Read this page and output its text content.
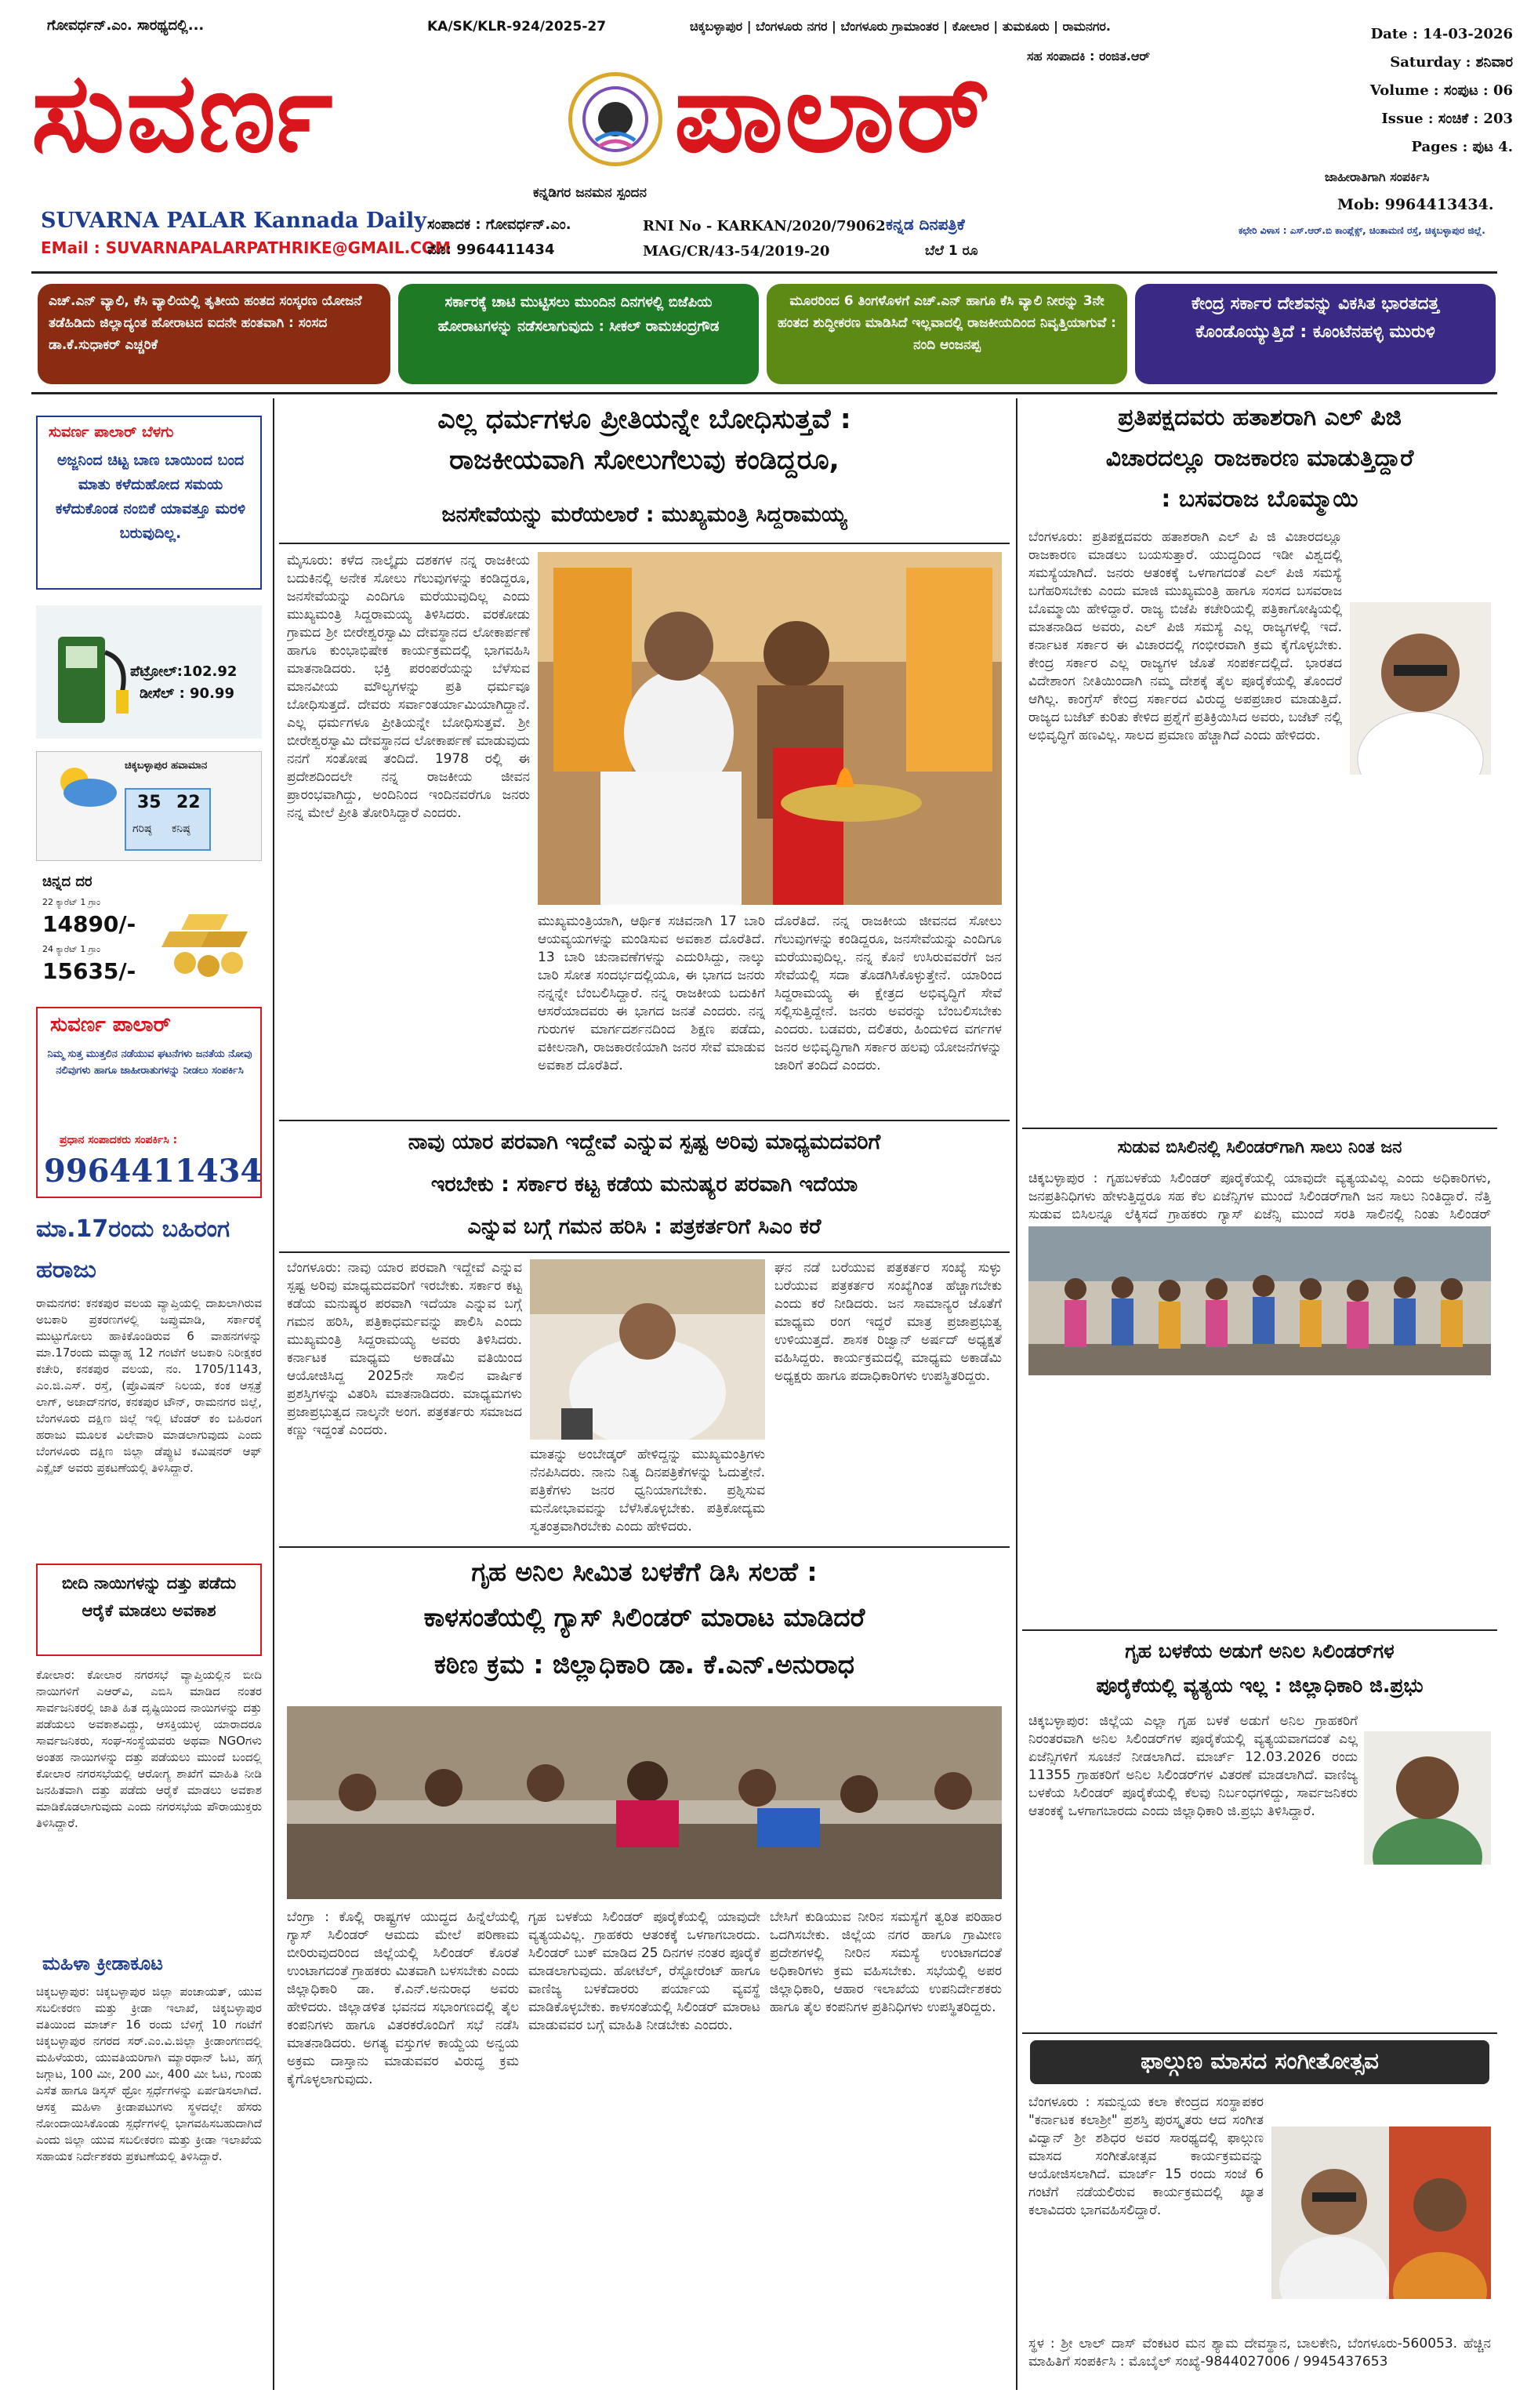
ಗೋವರ್ಧನ್.ಎಂ. ಸಾರಥ್ಯದಲ್ಲಿ...	KA/SK/KLR-924/2025-27	ಚಿಕ್ಕಬಳ್ಳಾಪುರ | ಬೆಂಗಳೂರು ನಗರ | ಬೆಂಗಳೂರು ಗ್ರಾಮಾಂತರ | ಕೋಲಾರ | ತುಮಕೂರು | ರಾಮನಗರ.
ಸಹ ಸಂಪಾದಕಿ : ರಂಜಿತ.ಆರ್
ಸುವರ್ಣ	ಪಾಲಾರ್
ಕನ್ನಡಿಗರ ಜನಮನ ಸ್ಪಂದನ
SUVARNA PALAR Kannada Daily
EMail : SUVARNAPALARPATHRIKE@GMAIL.COM
ಸಂಪಾದಕ : ಗೋವರ್ಧನ್.ಎಂ.
ಮೊ: 9964411434
RNI No - KARKAN/2020/79062
MAG/CR/43-54/2019-20
ಕನ್ನಡ ದಿನಪತ್ರಿಕೆ
ಬೆಲೆ 1 ರೂ
Date : 14-03-2026
Saturday : ಶನಿವಾರ
Volume : ಸಂಪುಟ : 06
Issue : ಸಂಚಿಕೆ : 203
Pages : ಪುಟ 4.
ಜಾಹೀರಾತಿಗಾಗಿ ಸಂಪರ್ಕಿಸಿ
Mob: 9964413434.
ಕಛೇರಿ ವಿಳಾಸ : ಎಸ್.ಆರ್.ಬಿ ಕಾಂಪ್ಲೆಕ್ಸ್, ಚಿಂತಾಮಣಿ ರಸ್ತೆ, ಚಿಕ್ಕಬಳ್ಳಾಪುರ ಜಿಲ್ಲೆ.
ಎಚ್.ಎನ್ ವ್ಯಾಲಿ, ಕೆಸಿ ವ್ಯಾಲಿಯಲ್ಲಿ ತೃತೀಯ ಹಂತದ ಸಂಸ್ಕರಣ ಯೋಜನೆ ತಡೆಹಿಡಿದು ಜಿಲ್ಲಾದ್ಯಂತ ಹೋರಾಟದ ಐದನೇ ಹಂತವಾಗಿ : ಸಂಸದ ಡಾ.ಕೆ.ಸುಧಾಕರ್ ಎಚ್ಚರಿಕೆ
ಸರ್ಕಾರಕ್ಕೆ ಚಾಟಿ ಮುಟ್ಟಿಸಲು ಮುಂದಿನ ದಿನಗಳಲ್ಲಿ ಬಿಜೆಪಿಯ ಹೋರಾಟಗಳನ್ನು ನಡೆಸಲಾಗುವುದು : ಸೀಕಲ್ ರಾಮಚಂದ್ರಗೌಡ
ಮೂರರಿಂದ 6 ತಿಂಗಳೊಳಗೆ ಎಚ್.ಎನ್ ಹಾಗೂ ಕೆಸಿ ವ್ಯಾಲಿ ನೀರನ್ನು 3ನೇ ಹಂತದ ಶುದ್ಧೀಕರಣ ಮಾಡಿಸಿದೆ ಇಲ್ಲವಾದಲ್ಲಿ ರಾಜಕೀಯದಿಂದ ನಿವೃತ್ತಿಯಾಗುವೆ : ನಂದಿ ಆಂಜನಪ್ಪ
ಕೇಂದ್ರ ಸರ್ಕಾರ ದೇಶವನ್ನು ವಿಕಸಿತ ಭಾರತದತ್ತ ಕೊಂಡೊಯ್ಯುತ್ತಿದೆ : ಕೂಂಟೆನಹಳ್ಳಿ ಮುರುಳಿ
ಸುವರ್ಣ ಪಾಲಾರ್ ಬೆಳಗು
ಅಜ್ಜನಿಂದ ಚಿಟ್ಟ ಬಾಣ ಬಾಯಿಂದ ಬಂದ ಮಾತು ಕಳೆದುಹೋದ ಸಮಯ ಕಳೆದುಕೊಂಡ ನಂಬಿಕೆ ಯಾವತ್ತೂ ಮರಳಿ ಬರುವುದಿಲ್ಲ.
ಪೆಟ್ರೋಲ್:102.92
ಡೀಸೆಲ್ : 90.99
ಚಿಕ್ಕಬಳ್ಳಾಪುರ ಹವಾಮಾನ
35 22
ಗರಿಷ್ಠ ಕನಿಷ್ಠ
ಚಿನ್ನದ ದರ
22 ಕ್ಯಾರೆಟ್ 1 ಗ್ರಾಂ
14890/-
24 ಕ್ಯಾರೆಟ್ 1 ಗ್ರಾಂ
15635/-
ಸುವರ್ಣ ಪಾಲಾರ್
ನಿಮ್ಮ ಸುತ್ತ ಮುತ್ತಲಿನ ನಡೆಯುವ ಘಟನೆಗಳು ಜನತೆಯ ನೋವು ನಲಿವುಗಳು ಹಾಗೂ ಜಾಹೀರಾತುಗಳನ್ನು ನೀಡಲು ಸಂಪರ್ಕಿಸಿ
ಪ್ರಧಾನ ಸಂಪಾದಕರು ಸಂಪರ್ಕಿಸಿ :
9964411434
ಮಾ.17ರಂದು ಬಹಿರಂಗ ಹರಾಜು
ರಾಮನಗರ: ಕನಕಪುರ ವಲಯ ವ್ಯಾಪ್ತಿಯಲ್ಲಿ ದಾಖಲಾಗಿರುವ ಅಬಕಾರಿ ಪ್ರಕರಣಗಳಲ್ಲಿ ಜಪ್ತುಮಾಡಿ, ಸರ್ಕಾರಕ್ಕೆ ಮುಟ್ಟುಗೋಲು ಹಾಕಿಕೊಂಡಿರುವ 6 ವಾಹನಗಳನ್ನು ಮಾ.17ರಂದು ಮಧ್ಯಾಹ್ನ 12 ಗಂಟೆಗೆ ಅಬಕಾರಿ ನಿರೀಕ್ಷಕರ ಕಚೇರಿ, ಕನಕಪುರ ವಲಯ, ನಂ. 1705/1143, ಎಂ.ಜಿ.ಎಸ್. ರಸ್ತೆ, (ಪ್ರೊವಿಷನ್ ನಿಲಯ, ಕಂಕ ಆಸ್ಪತ್ರೆ ಲಾಗ್, ಅಜಾದ್‌ನಗರ, ಕನಕಪುರ ಟೌನ್, ರಾಮನಗರ ಜಿಲ್ಲೆ, ಬೆಂಗಳೂರು ದಕ್ಷಿಣ ಜಿಲ್ಲೆ ಇಲ್ಲಿ ಟೆಂಡರ್ ಕಂ ಬಹಿರಂಗ ಹರಾಜು ಮೂಲಕ ವಿಲೇವಾರಿ ಮಾಡಲಾಗುವುದು ಎಂದು ಬೆಂಗಳೂರು ದಕ್ಷಿಣ ಜಿಲ್ಲಾ ಡೆಪ್ಯುಟಿ ಕಮಿಷನರ್ ಆಫ್ ಎಕ್ಸೈಜ್ ಅವರು ಪ್ರಕಟಣೆಯಲ್ಲಿ ತಿಳಿಸಿದ್ದಾರೆ.
ಬೀದಿ ನಾಯಿಗಳನ್ನು ದತ್ತು ಪಡೆದು ಆರೈಕೆ ಮಾಡಲು ಅವಕಾಶ
ಕೋಲಾರ: ಕೋಲಾರ ನಗರಸಭೆ ವ್ಯಾಪ್ತಿಯಲ್ಲಿನ ಬೀದಿ ನಾಯಿಗಳಿಗೆ ಎಆರ್‌ವಿ, ಎಬಿಸಿ ಮಾಡಿದ ನಂತರ ಸಾರ್ವಜನಿಕರಲ್ಲಿ ಜಾತಿ ಹಿತ ದೃಷ್ಟಿಯಿಂದ ನಾಯಿಗಳನ್ನು ದತ್ತು ಪಡೆಯಲು ಅವಕಾಶವಿದ್ದು, ಆಸಕ್ತಿಯುಳ್ಳ ಯಾರಾದರೂ ಸಾರ್ವಜನಿಕರು, ಸಂಘ-ಸಂಸ್ಥೆಯವರು ಅಥವಾ NGOಗಳು ಅಂತಹ ನಾಯಿಗಳನ್ನು ದತ್ತು ಪಡೆಯಲು ಮುಂದೆ ಬಂದಲ್ಲಿ ಕೋಲಾರ ನಗರಸಭೆಯಲ್ಲಿ ಆರೋಗ್ಯ ಶಾಖೆಗೆ ಮಾಹಿತಿ ನೀಡಿ ಜನಹಿತವಾಗಿ ದತ್ತು ಪಡೆದು ಆರೈಕೆ ಮಾಡಲು ಅವಕಾಶ ಮಾಡಿಕೊಡಲಾಗುವುದು ಎಂದು ನಗರಸಭೆಯ ಪೌರಾಯುಕ್ತರು ತಿಳಿಸಿದ್ದಾರೆ.
ಮಹಿಳಾ ಕ್ರೀಡಾಕೂಟ
ಚಿಕ್ಕಬಳ್ಳಾಪುರ: ಚಿಕ್ಕಬಳ್ಳಾಪುರ ಜಿಲ್ಲಾ ಪಂಚಾಯತ್, ಯುವ ಸಬಲೀಕರಣ ಮತ್ತು ಕ್ರೀಡಾ ಇಲಾಖೆ, ಚಿಕ್ಕಬಳ್ಳಾಪುರ ವತಿಯಿಂದ ಮಾರ್ಚ್ 16 ರಂದು ಬೆಳಿಗ್ಗೆ 10 ಗಂಟೆಗೆ ಚಿಕ್ಕಬಳ್ಳಾಪುರ ನಗರದ ಸರ್.ಎಂ.ವಿ.ಜಿಲ್ಲಾ ಕ್ರೀಡಾಂಗಣದಲ್ಲಿ ಮಹಿಳೆಯರು, ಯುವತಿಯರಿಗಾಗಿ ಮ್ಯಾರಥಾನ್ ಓಟ, ಹಗ್ಗ ಜಗ್ಗಾಟ, 100 ಮೀ, 200 ಮೀ, 400 ಮೀ ಓಟ, ಗುಂಡು ಎಸೆತ ಹಾಗೂ ಡಿಸ್ಕಸ್ ಥ್ರೋ ಸ್ಪರ್ಧೆಗಳನ್ನು ಏರ್ಪಡಿಸಲಾಗಿದೆ. ಆಸಕ್ತ ಮಹಿಳಾ ಕ್ರೀಡಾಪಟುಗಳು ಸ್ಥಳದಲ್ಲೇ ಹೆಸರು ನೋಂದಾಯಿಸಿಕೊಂಡು ಸ್ಪರ್ಧೆಗಳಲ್ಲಿ ಭಾಗವಹಿಸಬಹುದಾಗಿದೆ ಎಂದು ಜಿಲ್ಲಾ ಯುವ ಸಬಲೀಕರಣ ಮತ್ತು ಕ್ರೀಡಾ ಇಲಾಖೆಯ ಸಹಾಯಕ ನಿರ್ದೇಶಕರು ಪ್ರಕಟಣೆಯಲ್ಲಿ ತಿಳಿಸಿದ್ದಾರೆ.
ಎಲ್ಲ ಧರ್ಮಗಳೂ ಪ್ರೀತಿಯನ್ನೇ ಬೋಧಿಸುತ್ತವೆ :
ರಾಜಕೀಯವಾಗಿ ಸೋಲುಗೆಲುವು ಕಂಡಿದ್ದರೂ,
ಜನಸೇವೆಯನ್ನು ಮರೆಯಲಾರೆ : ಮುಖ್ಯಮಂತ್ರಿ ಸಿದ್ದರಾಮಯ್ಯ
ಮೈಸೂರು: ಕಳೆದ ನಾಲ್ಕೈದು ದಶಕಗಳ ನನ್ನ ರಾಜಕೀಯ ಬದುಕಿನಲ್ಲಿ ಅನೇಕ ಸೋಲು ಗೆಲುವುಗಳನ್ನು ಕಂಡಿದ್ದರೂ, ಜನಸೇವೆಯನ್ನು ಎಂದಿಗೂ ಮರೆಯುವುದಿಲ್ಲ ಎಂದು ಮುಖ್ಯಮಂತ್ರಿ ಸಿದ್ದರಾಮಯ್ಯ ತಿಳಿಸಿದರು. ವರಕೋಡು ಗ್ರಾಮದ ಶ್ರೀ ಬೀರೇಶ್ವರಸ್ವಾಮಿ ದೇವಸ್ಥಾನದ ಲೋಕಾರ್ಪಣೆ ಹಾಗೂ ಕುಂಭಾಭಿಷೇಕ ಕಾರ್ಯಕ್ರಮದಲ್ಲಿ ಭಾಗವಹಿಸಿ ಮಾತನಾಡಿದರು. ಭಕ್ತಿ ಪರಂಪರೆಯನ್ನು ಬೆಳೆಸುವ ಮಾನವೀಯ ಮೌಲ್ಯಗಳನ್ನು ಪ್ರತಿ ಧರ್ಮವೂ ಬೋಧಿಸುತ್ತದೆ. ದೇವರು ಸರ್ವಾಂತರ್ಯಾಮಿಯಾಗಿದ್ದಾನೆ. ಎಲ್ಲ ಧರ್ಮಗಳೂ ಪ್ರೀತಿಯನ್ನೇ ಬೋಧಿಸುತ್ತವೆ. ಶ್ರೀ ಬೀರೇಶ್ವರಸ್ವಾಮಿ ದೇವಸ್ಥಾನದ ಲೋಕಾರ್ಪಣೆ ಮಾಡುವುದು ನನಗೆ ಸಂತೋಷ ತಂದಿದೆ. 1978 ರಲ್ಲಿ ಈ ಪ್ರದೇಶದಿಂದಲೇ ನನ್ನ ರಾಜಕೀಯ ಜೀವನ ಪ್ರಾರಂಭವಾಗಿದ್ದು, ಅಂದಿನಿಂದ ಇಂದಿನವರೆಗೂ ಜನರು ನನ್ನ ಮೇಲೆ ಪ್ರೀತಿ ತೋರಿಸಿದ್ದಾರೆ ಎಂದರು.
ಮುಖ್ಯಮಂತ್ರಿಯಾಗಿ, ಆರ್ಥಿಕ ಸಚಿವನಾಗಿ 17 ಬಾರಿ ಆಯವ್ಯಯಗಳನ್ನು ಮಂಡಿಸುವ ಅವಕಾಶ ದೊರೆತಿದೆ. 13 ಬಾರಿ ಚುನಾವಣೆಗಳನ್ನು ಎದುರಿಸಿದ್ದು, ನಾಲ್ಕು ಬಾರಿ ಸೋತ ಸಂದರ್ಭದಲ್ಲಿಯೂ, ಈ ಭಾಗದ ಜನರು ನನ್ನನ್ನೇ ಬೆಂಬಲಿಸಿದ್ದಾರೆ. ನನ್ನ ರಾಜಕೀಯ ಬದುಕಿಗೆ ಆಸರೆಯಾದವರು ಈ ಭಾಗದ ಜನತೆ ಎಂದರು. ನನ್ನ ಗುರುಗಳ ಮಾರ್ಗದರ್ಶನದಿಂದ ಶಿಕ್ಷಣ ಪಡೆದು, ವಕೀಲನಾಗಿ, ರಾಜಕಾರಣಿಯಾಗಿ ಜನರ ಸೇವೆ ಮಾಡುವ ಅವಕಾಶ ದೊರೆತಿದೆ.
ದೊರೆತಿದೆ. ನನ್ನ ರಾಜಕೀಯ ಜೀವನದ ಸೋಲು ಗೆಲುವುಗಳನ್ನು ಕಂಡಿದ್ದರೂ, ಜನಸೇವೆಯನ್ನು ಎಂದಿಗೂ ಮರೆಯುವುದಿಲ್ಲ. ನನ್ನ ಕೊನೆ ಉಸಿರುವವರೆಗೆ ಜನ ಸೇವೆಯಲ್ಲಿ ಸದಾ ತೊಡಗಿಸಿಕೊಳ್ಳುತ್ತೇನೆ. ಯಾರಿಂದ ಸಿದ್ದರಾಮಯ್ಯ ಈ ಕ್ಷೇತ್ರದ ಅಭಿವೃದ್ಧಿಗೆ ಸೇವೆ ಸಲ್ಲಿಸುತ್ತಿದ್ದೇನೆ. ಜನರು ಅವರನ್ನು ಬೆಂಬಲಿಸಬೇಕು ಎಂದರು. ಬಡವರು, ದಲಿತರು, ಹಿಂದುಳಿದ ವರ್ಗಗಳ ಜನರ ಅಭಿವೃದ್ಧಿಗಾಗಿ ಸರ್ಕಾರ ಹಲವು ಯೋಜನೆಗಳನ್ನು ಜಾರಿಗೆ ತಂದಿದೆ ಎಂದರು.
ನಾವು ಯಾರ ಪರವಾಗಿ ಇದ್ದೇವೆ ಎನ್ನುವ ಸ್ಪಷ್ಟ ಅರಿವು ಮಾಧ್ಯಮದವರಿಗೆ
ಇರಬೇಕು : ಸರ್ಕಾರ ಕಟ್ಟ ಕಡೆಯ ಮನುಷ್ಯರ ಪರವಾಗಿ ಇದೆಯಾ
ಎನ್ನುವ ಬಗ್ಗೆ ಗಮನ ಹರಿಸಿ : ಪತ್ರಕರ್ತರಿಗೆ ಸಿಎಂ ಕರೆ
ಬೆಂಗಳೂರು: ನಾವು ಯಾರ ಪರವಾಗಿ ಇದ್ದೇವೆ ಎನ್ನುವ ಸ್ಪಷ್ಟ ಅರಿವು ಮಾಧ್ಯಮದವರಿಗೆ ಇರಬೇಕು. ಸರ್ಕಾರ ಕಟ್ಟ ಕಡೆಯ ಮನುಷ್ಯರ ಪರವಾಗಿ ಇದೆಯಾ ಎನ್ನುವ ಬಗ್ಗೆ ಗಮನ ಹರಿಸಿ, ಪತ್ರಿಕಾಧರ್ಮವನ್ನು ಪಾಲಿಸಿ ಎಂದು ಮುಖ್ಯಮಂತ್ರಿ ಸಿದ್ದರಾಮಯ್ಯ ಅವರು ತಿಳಿಸಿದರು. ಕರ್ನಾಟಕ ಮಾಧ್ಯಮ ಅಕಾಡೆಮಿ ವತಿಯಿಂದ ಆಯೋಜಿಸಿದ್ದ 2025ನೇ ಸಾಲಿನ ವಾರ್ಷಿಕ ಪ್ರಶಸ್ತಿಗಳನ್ನು ವಿತರಿಸಿ ಮಾತನಾಡಿದರು. ಮಾಧ್ಯಮಗಳು ಪ್ರಜಾಪ್ರಭುತ್ವದ ನಾಲ್ಕನೇ ಅಂಗ. ಪತ್ರಕರ್ತರು ಸಮಾಜದ ಕಣ್ಣು ಇದ್ದಂತೆ ಎಂದರು.
ಮಾತನ್ನು ಅಂಬೇಡ್ಕರ್ ಹೇಳಿದ್ದನ್ನು ಮುಖ್ಯಮಂತ್ರಿಗಳು ನೆನಪಿಸಿದರು. ನಾನು ನಿತ್ಯ ದಿನಪತ್ರಿಕೆಗಳನ್ನು ಓದುತ್ತೇನೆ. ಪತ್ರಿಕೆಗಳು ಜನರ ಧ್ವನಿಯಾಗಬೇಕು. ಪ್ರಶ್ನಿಸುವ ಮನೋಭಾವವನ್ನು ಬೆಳೆಸಿಕೊಳ್ಳಬೇಕು. ಪತ್ರಿಕೋದ್ಯಮ ಸ್ವತಂತ್ರವಾಗಿರಬೇಕು ಎಂದು ಹೇಳಿದರು.
ಘನ ನಡೆ ಬರೆಯುವ ಪತ್ರಕರ್ತರ ಸಂಖ್ಯೆ ಸುಳ್ಳು ಬರೆಯುವ ಪತ್ರಕರ್ತರ ಸಂಖ್ಯೆಗಿಂತ ಹೆಚ್ಚಾಗಬೇಕು ಎಂದು ಕರೆ ನೀಡಿದರು. ಜನ ಸಾಮಾನ್ಯರ ಜೊತೆಗೆ ಮಾಧ್ಯಮ ರಂಗ ಇದ್ದರೆ ಮಾತ್ರ ಪ್ರಜಾಪ್ರಭುತ್ವ ಉಳಿಯುತ್ತದೆ. ಶಾಸಕ ರಿಜ್ವಾನ್ ಅರ್ಷದ್ ಅಧ್ಯಕ್ಷತೆ ವಹಿಸಿದ್ದರು. ಕಾರ್ಯಕ್ರಮದಲ್ಲಿ ಮಾಧ್ಯಮ ಅಕಾಡೆಮಿ ಅಧ್ಯಕ್ಷರು ಹಾಗೂ ಪದಾಧಿಕಾರಿಗಳು ಉಪಸ್ಥಿತರಿದ್ದರು.
ಗೃಹ ಅನಿಲ ಸೀಮಿತ ಬಳಕೆಗೆ ಡಿಸಿ ಸಲಹೆ :
ಕಾಳಸಂತೆಯಲ್ಲಿ ಗ್ಯಾಸ್ ಸಿಲಿಂಡರ್ ಮಾರಾಟ ಮಾಡಿದರೆ
ಕಠಿಣ ಕ್ರಮ : ಜಿಲ್ಲಾಧಿಕಾರಿ ಡಾ. ಕೆ.ಎನ್.ಅನುರಾಧ
ಬೆಂಗ್ರಾ : ಕೊಲ್ಲಿ ರಾಷ್ಟ್ರಗಳ ಯುದ್ಧದ ಹಿನ್ನೆಲೆಯಲ್ಲಿ ಗ್ಯಾಸ್ ಸಿಲಿಂಡರ್ ಆಮದು ಮೇಲೆ ಪರಿಣಾಮ ಬೀರಿರುವುದರಿಂದ ಜಿಲ್ಲೆಯಲ್ಲಿ ಸಿಲಿಂಡರ್ ಕೊರತೆ ಉಂಟಾಗದಂತೆ ಗ್ರಾಹಕರು ಮಿತವಾಗಿ ಬಳಸಬೇಕು ಎಂದು ಜಿಲ್ಲಾಧಿಕಾರಿ ಡಾ. ಕೆ.ಎನ್.ಅನುರಾಧ ಅವರು ಹೇಳಿದರು. ಜಿಲ್ಲಾಡಳಿತ ಭವನದ ಸಭಾಂಗಣದಲ್ಲಿ ತೈಲ ಕಂಪನಿಗಳು ಹಾಗೂ ವಿತರಕರೊಂದಿಗೆ ಸಭೆ ನಡೆಸಿ ಮಾತನಾಡಿದರು. ಅಗತ್ಯ ವಸ್ತುಗಳ ಕಾಯ್ದೆಯ ಅನ್ವಯ ಅಕ್ರಮ ದಾಸ್ತಾನು ಮಾಡುವವರ ವಿರುದ್ಧ ಕ್ರಮ ಕೈಗೊಳ್ಳಲಾಗುವುದು.
ಗೃಹ ಬಳಕೆಯ ಸಿಲಿಂಡರ್ ಪೂರೈಕೆಯಲ್ಲಿ ಯಾವುದೇ ವ್ಯತ್ಯಯವಿಲ್ಲ. ಗ್ರಾಹಕರು ಆತಂಕಕ್ಕೆ ಒಳಗಾಗಬಾರದು. ಸಿಲಿಂಡರ್ ಬುಕ್ ಮಾಡಿದ 25 ದಿನಗಳ ನಂತರ ಪೂರೈಕೆ ಮಾಡಲಾಗುವುದು. ಹೋಟೆಲ್, ರೆಸ್ಟೋರೆಂಟ್ ಹಾಗೂ ವಾಣಿಜ್ಯ ಬಳಕೆದಾರರು ಪರ್ಯಾಯ ವ್ಯವಸ್ಥೆ ಮಾಡಿಕೊಳ್ಳಬೇಕು. ಕಾಳಸಂತೆಯಲ್ಲಿ ಸಿಲಿಂಡರ್ ಮಾರಾಟ ಮಾಡುವವರ ಬಗ್ಗೆ ಮಾಹಿತಿ ನೀಡಬೇಕು ಎಂದರು.
ಬೇಸಿಗೆ ಕುಡಿಯುವ ನೀರಿನ ಸಮಸ್ಯೆಗೆ ತ್ವರಿತ ಪರಿಹಾರ ಒದಗಿಸಬೇಕು. ಜಿಲ್ಲೆಯ ನಗರ ಹಾಗೂ ಗ್ರಾಮೀಣ ಪ್ರದೇಶಗಳಲ್ಲಿ ನೀರಿನ ಸಮಸ್ಯೆ ಉಂಟಾಗದಂತೆ ಅಧಿಕಾರಿಗಳು ಕ್ರಮ ವಹಿಸಬೇಕು. ಸಭೆಯಲ್ಲಿ ಅಪರ ಜಿಲ್ಲಾಧಿಕಾರಿ, ಆಹಾರ ಇಲಾಖೆಯ ಉಪನಿರ್ದೇಶಕರು ಹಾಗೂ ತೈಲ ಕಂಪನಿಗಳ ಪ್ರತಿನಿಧಿಗಳು ಉಪಸ್ಥಿತರಿದ್ದರು.
ಪ್ರತಿಪಕ್ಷದವರು ಹತಾಶರಾಗಿ ಎಲ್ ಪಿಜಿ
ವಿಚಾರದಲ್ಲೂ ರಾಜಕಾರಣ ಮಾಡುತ್ತಿದ್ದಾರೆ
: ಬಸವರಾಜ ಬೊಮ್ಮಾಯಿ
ಬೆಂಗಳೂರು: ಪ್ರತಿಪಕ್ಷದವರು ಹತಾಶರಾಗಿ ಎಲ್ ಪಿ ಜಿ ವಿಚಾರದಲ್ಲೂ ರಾಜಕಾರಣ ಮಾಡಲು ಬಯಸುತ್ತಾರೆ. ಯುದ್ಧದಿಂದ ಇಡೀ ವಿಶ್ವದಲ್ಲಿ ಸಮಸ್ಯೆಯಾಗಿದೆ. ಜನರು ಆತಂಕಕ್ಕೆ ಒಳಗಾಗದಂತೆ ಎಲ್ ಪಿಜಿ ಸಮಸ್ಯೆ ಬಗೆಹರಿಸಬೇಕು ಎಂದು ಮಾಜಿ ಮುಖ್ಯಮಂತ್ರಿ ಹಾಗೂ ಸಂಸದ ಬಸವರಾಜ ಬೊಮ್ಮಾಯಿ ಹೇಳಿದ್ದಾರೆ. ರಾಜ್ಯ ಬಿಜೆಪಿ ಕಚೇರಿಯಲ್ಲಿ ಪತ್ರಿಕಾಗೋಷ್ಠಿಯಲ್ಲಿ ಮಾತನಾಡಿದ ಅವರು, ಎಲ್ ಪಿಜಿ ಸಮಸ್ಯೆ ಎಲ್ಲ ರಾಜ್ಯಗಳಲ್ಲಿ ಇದೆ. ಕರ್ನಾಟಕ ಸರ್ಕಾರ ಈ ವಿಚಾರದಲ್ಲಿ ಗಂಭೀರವಾಗಿ ಕ್ರಮ ಕೈಗೊಳ್ಳಬೇಕು. ಕೇಂದ್ರ ಸರ್ಕಾರ ಎಲ್ಲ ರಾಜ್ಯಗಳ ಜೊತೆ ಸಂಪರ್ಕದಲ್ಲಿದೆ. ಭಾರತದ ವಿದೇಶಾಂಗ ನೀತಿಯಿಂದಾಗಿ ನಮ್ಮ ದೇಶಕ್ಕೆ ತೈಲ ಪೂರೈಕೆಯಲ್ಲಿ ತೊಂದರೆ ಆಗಿಲ್ಲ. ಕಾಂಗ್ರೆಸ್ ಕೇಂದ್ರ ಸರ್ಕಾರದ ವಿರುದ್ಧ ಅಪಪ್ರಚಾರ ಮಾಡುತ್ತಿದೆ. ರಾಜ್ಯದ ಬಜೆಟ್ ಕುರಿತು ಕೇಳಿದ ಪ್ರಶ್ನೆಗೆ ಪ್ರತಿಕ್ರಿಯಿಸಿದ ಅವರು, ಬಜೆಟ್ ನಲ್ಲಿ ಅಭಿವೃದ್ಧಿಗೆ ಹಣವಿಲ್ಲ. ಸಾಲದ ಪ್ರಮಾಣ ಹೆಚ್ಚಾಗಿದೆ ಎಂದು ಹೇಳಿದರು.
ಸುಡುವ ಬಿಸಿಲಿನಲ್ಲಿ ಸಿಲಿಂಡರ್‌ಗಾಗಿ ಸಾಲು ನಿಂತ ಜನ
ಚಿಕ್ಕಬಳ್ಳಾಪುರ : ಗೃಹಬಳಕೆಯ ಸಿಲಿಂಡರ್ ಪೂರೈಕೆಯಲ್ಲಿ ಯಾವುದೇ ವ್ಯತ್ಯಯವಿಲ್ಲ ಎಂದು ಅಧಿಕಾರಿಗಳು, ಜನಪ್ರತಿನಿಧಿಗಳು ಹೇಳುತ್ತಿದ್ದರೂ ಸಹ ಕೆಲ ಏಜೆನ್ಸಿಗಳ ಮುಂದೆ ಸಿಲಿಂಡರ್‌ಗಾಗಿ ಜನ ಸಾಲು ನಿಂತಿದ್ದಾರೆ. ನೆತ್ತಿ ಸುಡುವ ಬಿಸಿಲನ್ನೂ ಲೆಕ್ಕಿಸದೆ ಗ್ರಾಹಕರು ಗ್ಯಾಸ್ ಏಜೆನ್ಸಿ ಮುಂದೆ ಸರತಿ ಸಾಲಿನಲ್ಲಿ ನಿಂತು ಸಿಲಿಂಡರ್
ಗೃಹ ಬಳಕೆಯ ಅಡುಗೆ ಅನಿಲ ಸಿಲಿಂಡರ್‌ಗಳ
ಪೂರೈಕೆಯಲ್ಲಿ ವ್ಯತ್ಯಯ ಇಲ್ಲ : ಜಿಲ್ಲಾಧಿಕಾರಿ ಜಿ.ಪ್ರಭು
ಚಿಕ್ಕಬಳ್ಳಾಪುರ: ಜಿಲ್ಲೆಯ ಎಲ್ಲಾ ಗೃಹ ಬಳಕೆ ಅಡುಗೆ ಅನಿಲ ಗ್ರಾಹಕರಿಗೆ ನಿರಂತರವಾಗಿ ಅನಿಲ ಸಿಲಿಂಡರ್‌ಗಳ ಪೂರೈಕೆಯಲ್ಲಿ ವ್ಯತ್ಯಯವಾಗದಂತೆ ಎಲ್ಲ ಏಜೆನ್ಸಿಗಳಿಗೆ ಸೂಚನೆ ನೀಡಲಾಗಿದೆ. ಮಾರ್ಚ್ 12.03.2026 ರಂದು 11355 ಗ್ರಾಹಕರಿಗೆ ಅನಿಲ ಸಿಲಿಂಡರ್‌ಗಳ ವಿತರಣೆ ಮಾಡಲಾಗಿದೆ. ವಾಣಿಜ್ಯ ಬಳಕೆಯ ಸಿಲಿಂಡರ್ ಪೂರೈಕೆಯಲ್ಲಿ ಕೆಲವು ನಿರ್ಬಂಧಗಳಿದ್ದು, ಸಾರ್ವಜನಿಕರು ಆತಂಕಕ್ಕೆ ಒಳಗಾಗಬಾರದು ಎಂದು ಜಿಲ್ಲಾಧಿಕಾರಿ ಜಿ.ಪ್ರಭು ತಿಳಿಸಿದ್ದಾರೆ.
ಫಾಲ್ಗುಣ ಮಾಸದ ಸಂಗೀತೋತ್ಸವ
ಬೆಂಗಳೂರು : ಸಮನ್ವಯ ಕಲಾ ಕೇಂದ್ರದ ಸಂಸ್ಥಾಪಕರ "ಕರ್ನಾಟಕ ಕಲಾಶ್ರೀ" ಪ್ರಶಸ್ತಿ ಪುರಸ್ಕೃತರು ಆದ ಸಂಗೀತ ವಿದ್ವಾನ್ ಶ್ರೀ ಶಶಿಧರ ಅವರ ಸಾರಥ್ಯದಲ್ಲಿ ಫಾಲ್ಗುಣ ಮಾಸದ ಸಂಗೀತೋತ್ಸವ ಕಾರ್ಯಕ್ರಮವನ್ನು ಆಯೋಜಿಸಲಾಗಿದೆ. ಮಾರ್ಚ್ 15 ರಂದು ಸಂಜೆ 6 ಗಂಟೆಗೆ ನಡೆಯಲಿರುವ ಕಾರ್ಯಕ್ರಮದಲ್ಲಿ ಖ್ಯಾತ ಕಲಾವಿದರು ಭಾಗವಹಿಸಲಿದ್ದಾರೆ.
ಸ್ಥಳ : ಶ್ರೀ ಲಾಲ್ ದಾಸ್ ವೆಂಕಟರ ಮನ ಶ್ಯಾಮ ದೇವಸ್ಥಾನ, ಬಾಲಕೇನಿ, ಬೆಂಗಳೂರು-560053. ಹೆಚ್ಚಿನ ಮಾಹಿತಿಗೆ ಸಂಪರ್ಕಿಸಿ : ಮೊಬೈಲ್ ಸಂಖ್ಯೆ-9844027006 / 9945437653
